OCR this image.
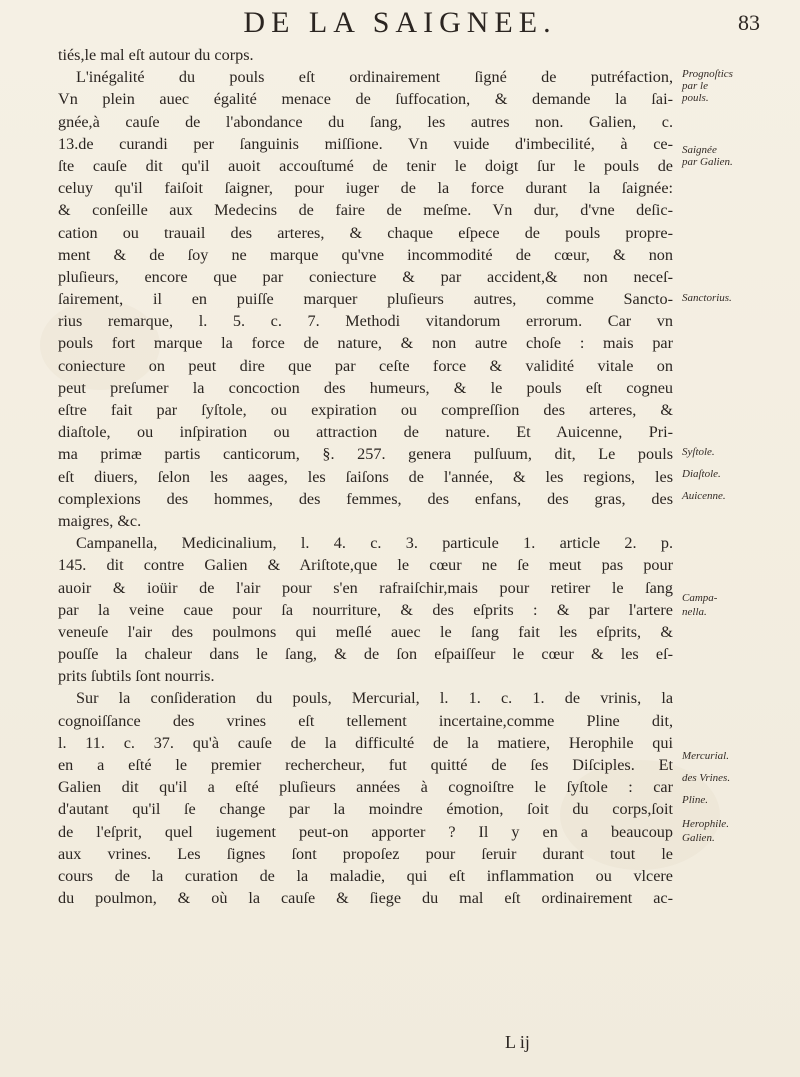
DE LA SAIGNEE.	83
tiés,le mal eſt autour du corps.
L'inégalité du pouls eſt ordinairement ſigné de putréfaction,
Vn plein auec égalité menace de ſuffocation, & demande la ſai-
gnée,à cauſe de l'abondance du ſang, les autres non. Galien, c.
13.de curandi per ſanguinis miſſione. Vn vuide d'imbecilité, à ce-
ſte cauſe dit qu'il auoit accouſtumé de tenir le doigt ſur le pouls de
celuy qu'il faiſoit ſaigner, pour iuger de la force durant la ſaignée:
& conſeille aux Medecins de faire de meſme. Vn dur, d'vne deſic-
cation ou trauail des arteres, & chaque eſpece de pouls propre-
ment & de ſoy ne marque qu'vne incommodité de cœur, & non
pluſieurs, encore que par coniecture & par accident,& non neceſ-
ſairement, il en puiſſe marquer pluſieurs autres, comme Sancto-
rius remarque, l. 5. c. 7. Methodi vitandorum errorum. Car vn
pouls fort marque la force de nature, & non autre choſe : mais par
coniecture on peut dire que par ceſte force & validité vitale on
peut preſumer la concoction des humeurs, & le pouls eſt cogneu
eſtre fait par ſyſtole, ou expiration ou compreſſion des arteres, &
diaſtole, ou inſpiration ou attraction de nature. Et Auicenne, Pri-
ma primæ partis canticorum, §. 257. genera pulſuum, dit, Le pouls
eſt diuers, ſelon les aages, les ſaiſons de l'année, & les regions, les
complexions des hommes, des femmes, des enfans, des gras, des
maigres, &c.
Campanella, Medicinalium, l. 4. c. 3. particule 1. article 2. p.
145. dit contre Galien & Ariſtote,que le cœur ne ſe meut pas pour
auoir & ioüir de l'air pour s'en rafraiſchir,mais pour retirer le ſang
par la veine caue pour ſa nourriture, & des eſprits : & par l'artere
veneuſe l'air des poulmons qui meſlé auec le ſang fait les eſprits, &
pouſſe la chaleur dans le ſang, & de ſon eſpaiſſeur le cœur & les eſ-
prits ſubtils ſont nourris.
Sur la conſideration du pouls, Mercurial, l. 1. c. 1. de vrinis, la
cognoiſſance des vrines eſt tellement incertaine,comme Pline dit,
l. 11. c. 37. qu'à cauſe de la difficulté de la matiere, Herophile qui
en a eſté le premier rechercheur, fut quitté de ſes Diſciples. Et
Galien dit qu'il a eſté pluſieurs années à cognoiſtre le ſyſtole : car
d'autant qu'il ſe change par la moindre émotion, ſoit du corps,ſoit
de l'eſprit, quel iugement peut-on apporter ? Il y en a beaucoup
aux vrines. Les ſignes ſont propoſez pour ſeruir durant tout le
cours de la curation de la maladie, qui eſt inflammation ou vlcere
du poulmon, & où la cauſe & ſiege du mal eſt ordinairement ac-
Prognoſtics
par le
pouls.
Saignée
par Galien.
Sanctorius.
Syſtole.
Diaſtole.
Auicenne.
Campa-
nella.
Mercurial.
des Vrines.
Pline.
Herophile.
Galien.
L ij
